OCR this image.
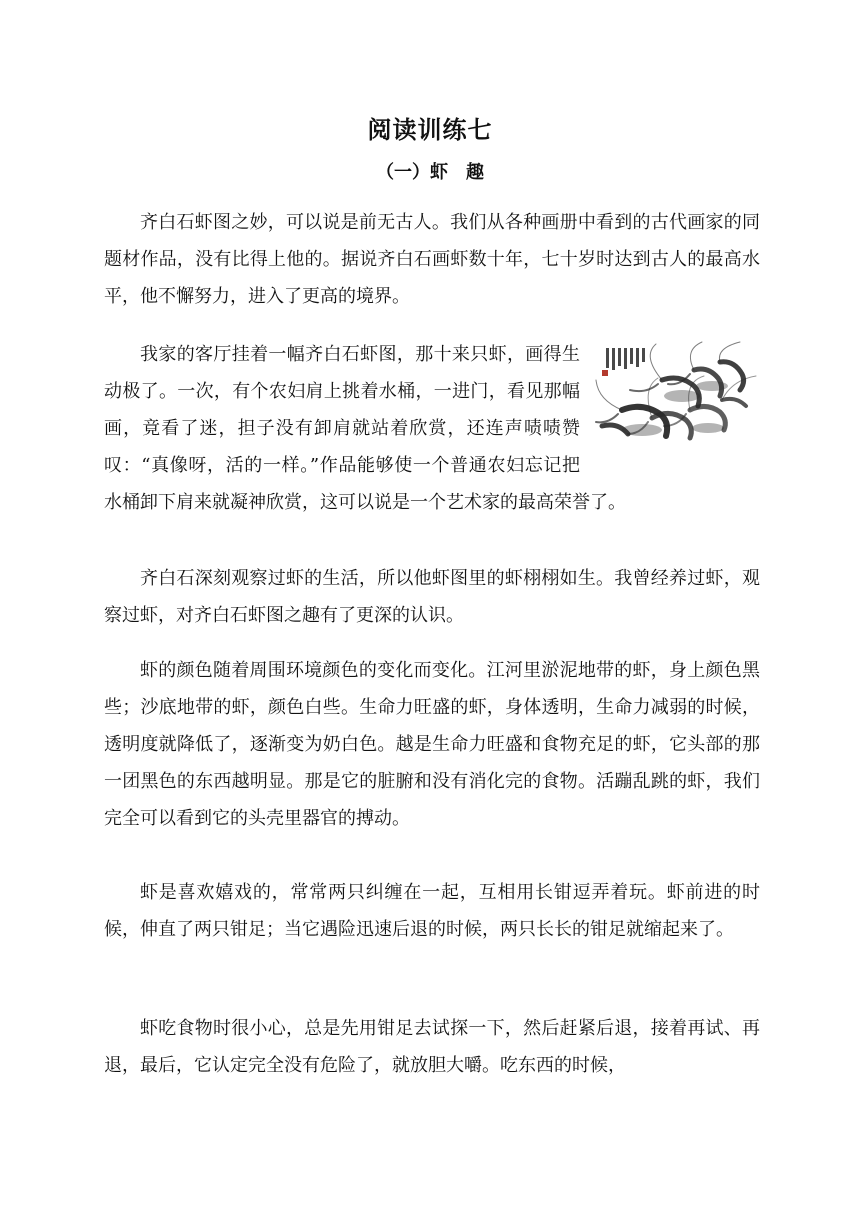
阅读训练七
（一）虾　趣

齐白石虾图之妙，可以说是前无古人。我们从各种画册中看到的古代画家的同题材作品，没有比得上他的。据说齐白石画虾数十年，七十岁时达到古人的最高水平，他不懈努力，进入了更高的境界。

我家的客厅挂着一幅齐白石虾图，那十来只虾，画得生动极了。一次，有个农妇肩上挑着水桶，一进门，看见那幅画，竟看了迷，担子没有卸肩就站着欣赏，还连声啧啧赞叹：“真像呀，活的一样。”作品能够使一个普通农妇忘记把水桶卸下肩来就凝神欣赏，这可以说是一个艺术家的最高荣誉了。

齐白石深刻观察过虾的生活，所以他虾图里的虾栩栩如生。我曾经养过虾，观察过虾，对齐白石虾图之趣有了更深的认识。

虾的颜色随着周围环境颜色的变化而变化。江河里淤泥地带的虾，身上颜色黑些；沙底地带的虾，颜色白些。生命力旺盛的虾，身体透明，生命力减弱的时候，透明度就降低了，逐渐变为奶白色。越是生命力旺盛和食物充足的虾，它头部的那一团黑色的东西越明显。那是它的脏腑和没有消化完的食物。活蹦乱跳的虾，我们完全可以看到它的头壳里器官的搏动。

虾是喜欢嬉戏的，常常两只纠缠在一起，互相用长钳逗弄着玩。虾前进的时候，伸直了两只钳足；当它遇险迅速后退的时候，两只长长的钳足就缩起来了。

虾吃食物时很小心，总是先用钳足去试探一下，然后赶紧后退，接着再试、再退，最后，它认定完全没有危险了，就放胆大嚼。吃东西的时候，
